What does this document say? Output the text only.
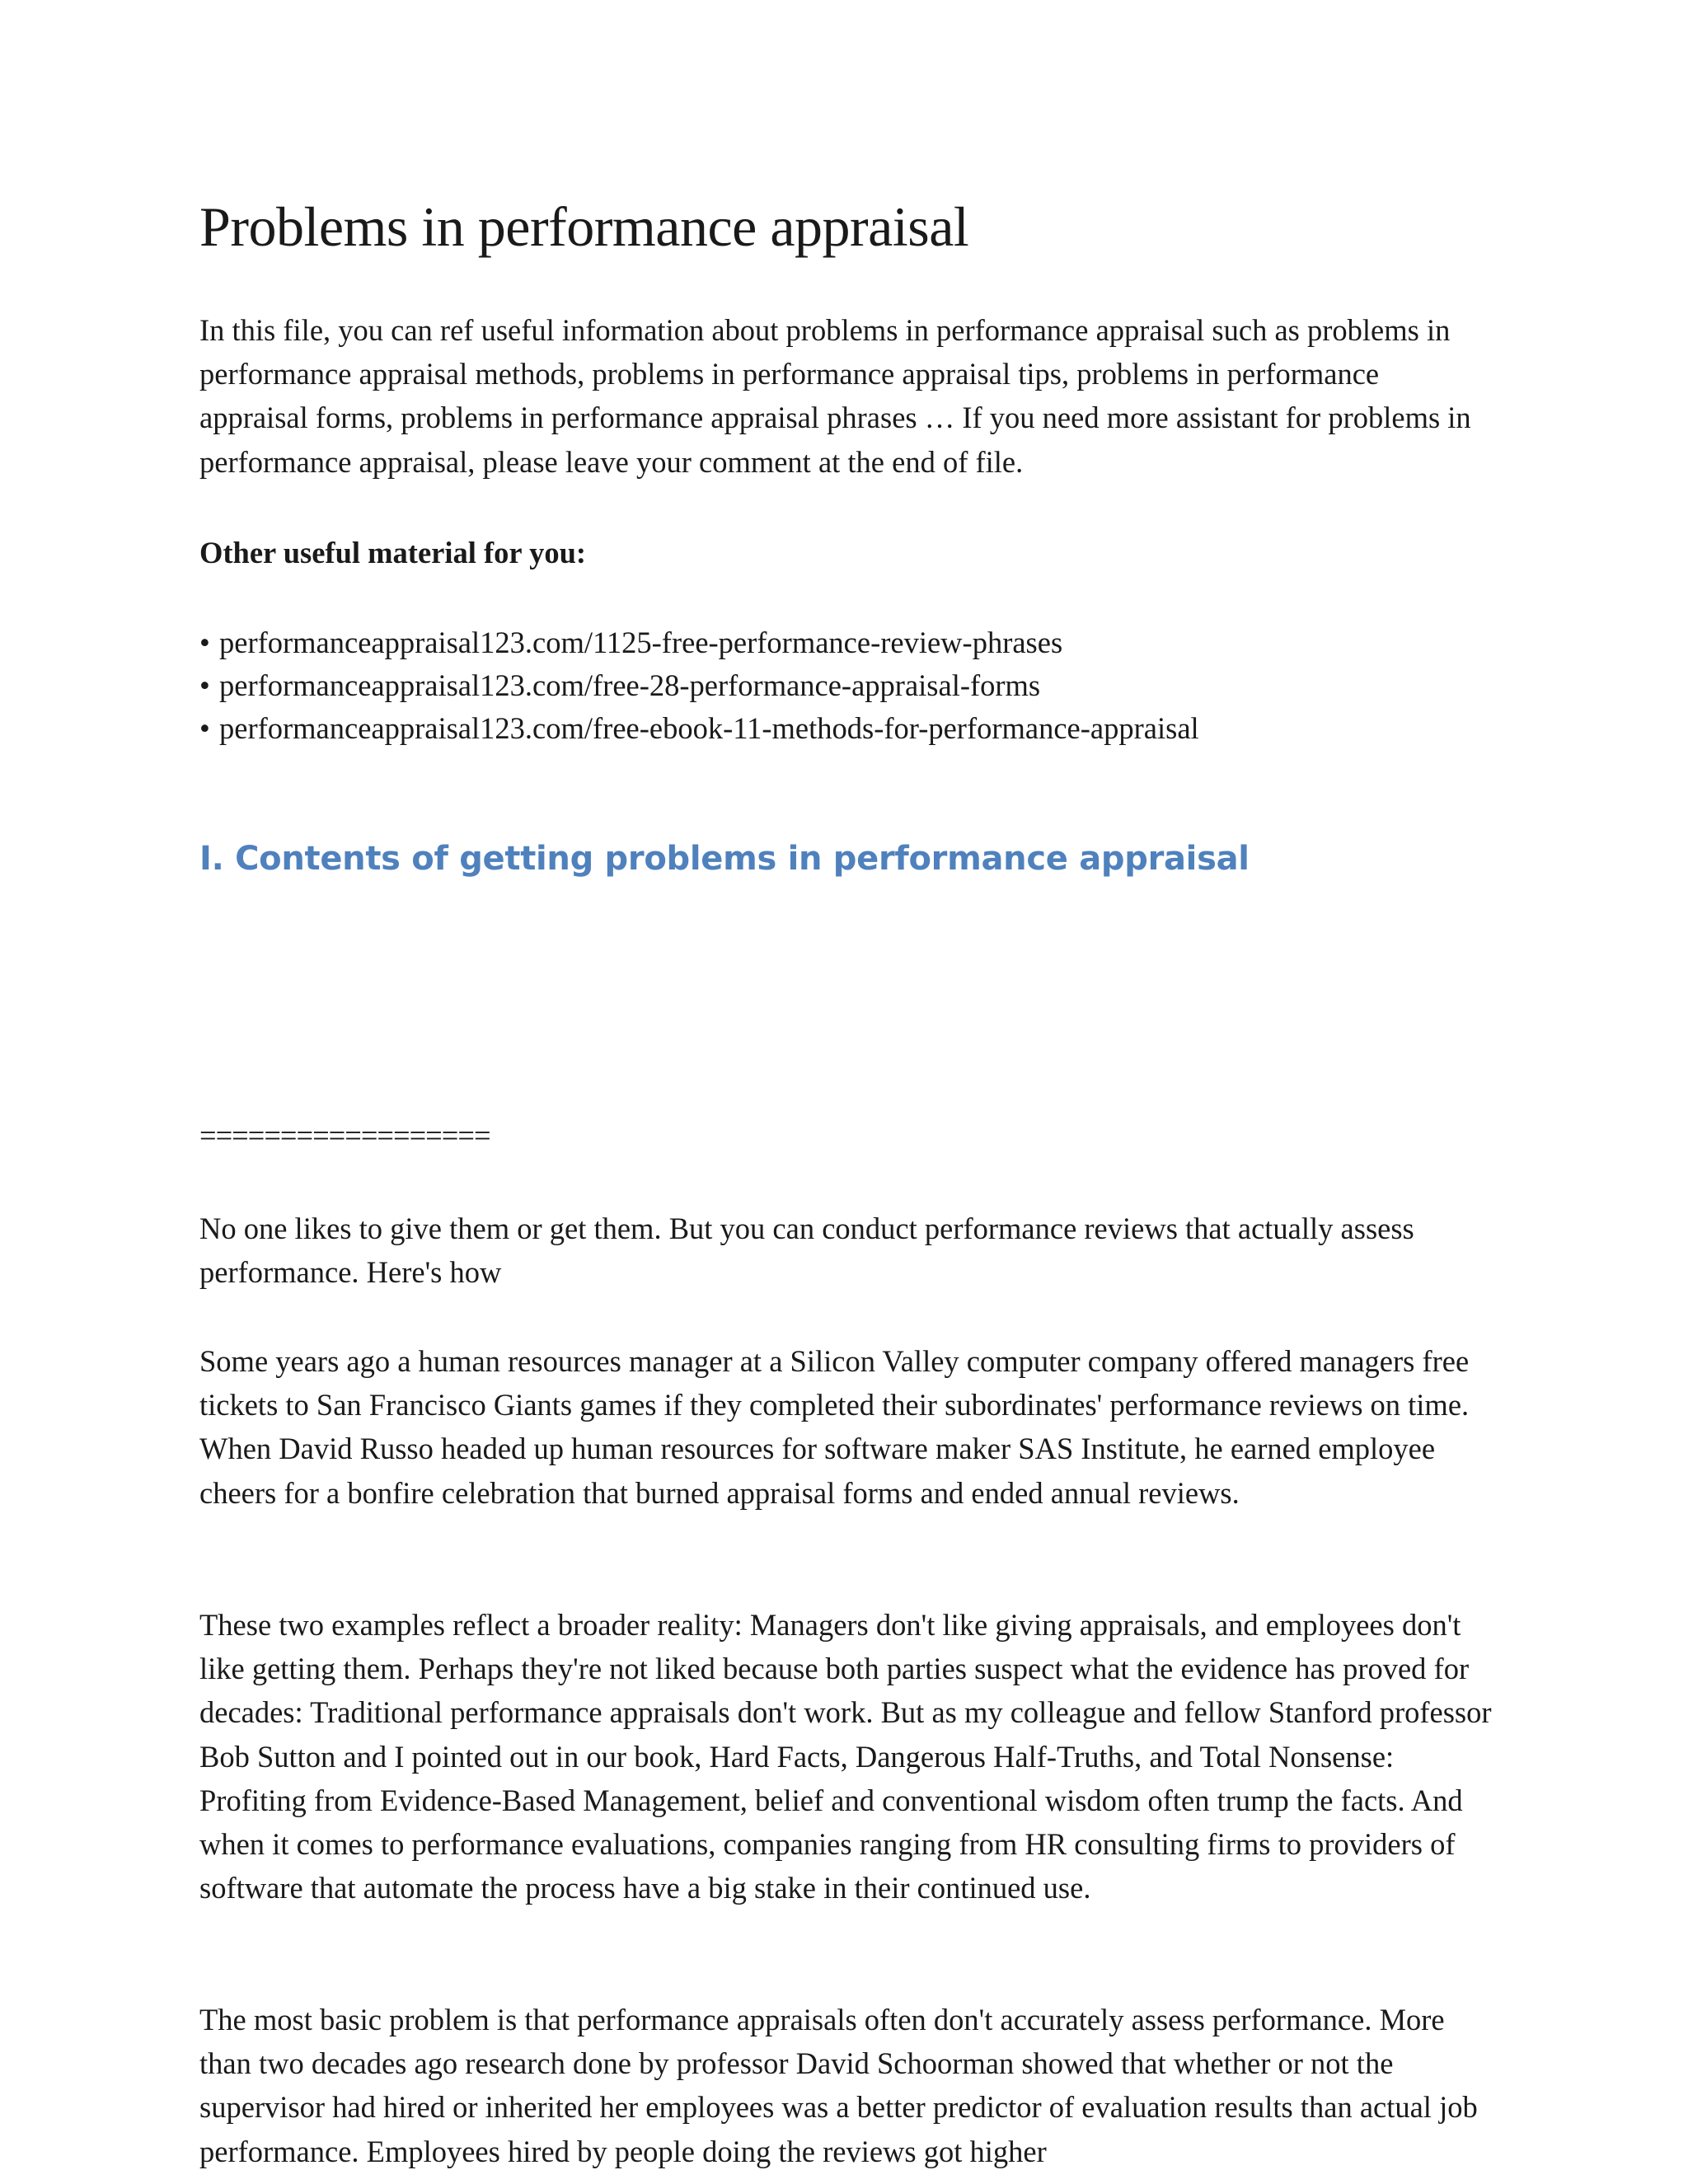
Problems in performance appraisal

In this file, you can ref useful information about problems in performance appraisal such as problems in performance appraisal methods, problems in performance appraisal tips, problems in performance appraisal forms, problems in performance appraisal phrases … If you need more assistant for problems in performance appraisal, please leave your comment at the end of file.

Other useful material for you:

• performanceappraisal123.com/1125-free-performance-review-phrases
• performanceappraisal123.com/free-28-performance-appraisal-forms
• performanceappraisal123.com/free-ebook-11-methods-for-performance-appraisal
I. Contents of getting problems in performance appraisal

==================

No one likes to give them or get them. But you can conduct performance reviews that actually assess performance. Here's how

Some years ago a human resources manager at a Silicon Valley computer company offered managers free tickets to San Francisco Giants games if they completed their subordinates' performance reviews on time. When David Russo headed up human resources for software maker SAS Institute, he earned employee cheers for a bonfire celebration that burned appraisal forms and ended annual reviews.

These two examples reflect a broader reality: Managers don't like giving appraisals, and employees don't like getting them. Perhaps they're not liked because both parties suspect what the evidence has proved for decades: Traditional performance appraisals don't work. But as my colleague and fellow Stanford professor Bob Sutton and I pointed out in our book, Hard Facts, Dangerous Half-Truths, and Total Nonsense: Profiting from Evidence-Based Management, belief and conventional wisdom often trump the facts. And when it comes to performance evaluations, companies ranging from HR consulting firms to providers of software that automate the process have a big stake in their continued use.

The most basic problem is that performance appraisals often don't accurately assess performance. More than two decades ago research done by professor David Schoorman showed that whether or not the supervisor had hired or inherited her employees was a better predictor of evaluation results than actual job performance. Employees hired by people doing the reviews got higher
